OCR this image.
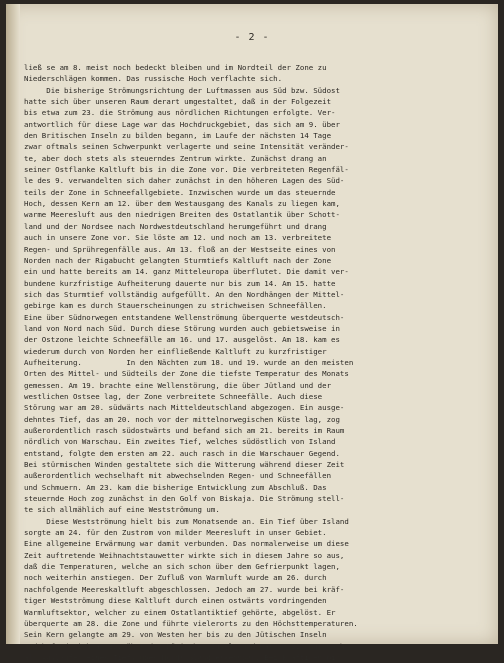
- 2 -
ließ se am 8. meist noch bedeckt bleiben und im Nordteil der Zone zu
Niederschlägen kommen. Das russische Hoch verflachte sich.
Die bisherige Strömungsrichtung der Luftmassen aus Süd bzw. Südost
hatte sich über unseren Raum derart umgestaltet, daß in der Folgezeit
bis etwa zum 23. die Strömung aus nördlichen Richtungen erfolgte. Ver-
antwortlich für diese Lage war das Hochdruckgebiet, das sich am 9. über
den Britischen Inseln zu bilden begann, im Laufe der nächsten 14 Tage
zwar oftmals seinen Schwerpunkt verlagerte und seine Intensität veränder-
te, aber doch stets als steuerndes Zentrum wirkte. Zunächst drang an
seiner Ostflanke Kaltluft bis in die Zone vor. Die verbreiteten Regenfäl-
le des 9. verwandelten sich daher zunächst in den höheren Lagen des Süd-
teils der Zone in Schneefallgebiete. Inzwischen wurde um das steuernde
Hoch, dessen Kern am 12. über dem Westausgang des Kanals zu liegen kam,
warme Meeresluft aus den niedrigen Breiten des Ostatlantik über Schott-
land und der Nordsee nach Nordwestdeutschland herumgeführt und drang
auch in unsere Zone vor. Sie löste am 12. und noch am 13. verbreitete
Regen- und Sprühregenfälle aus. Am 13. floß an der Westseite eines von
Norden nach der Rigabucht gelangten Sturmtiefs Kaltluft nach der Zone
ein und hatte bereits am 14. ganz Mitteleuropa überflutet. Die damit ver-
bundene kurzfristige Aufheiterung dauerte nur bis zum 14. Am 15. hatte
sich das Sturmtief vollständig aufgefüllt. An den Nordhängen der Mittel-
gebirge kam es durch Stauerscheinungen zu strichweisen Schneefällen.
Eine über Südnorwegen entstandene Wellenströmung überquerte westdeutsch-
land von Nord nach Süd. Durch diese Störung wurden auch gebietsweise in
der Ostzone leichte Schneefälle am 16. und 17. ausgelöst. Am 18. kam es
wiederum durch von Norden her einfließende Kaltluft zu kurzfristiger
Aufheiterung.          In den Nächten zum 18. und 19. wurde an den meisten
Orten des Mittel- und Südteils der Zone die tiefste Temperatur des Monats
gemessen. Am 19. brachte eine Wellenstörung, die über Jütland und der
westlichen Ostsee lag, der Zone verbreitete Schneefälle. Auch diese
Störung war am 20. südwärts nach Mitteldeutschland abgezogen. Ein ausge-
dehntes Tief, das am 20. noch vor der mittelnorwegischen Küste lag, zog
außerordentlich rasch südostwärts und befand sich am 21. bereits im Raum
nördlich von Warschau. Ein zweites Tief, welches südöstlich von Island
entstand, folgte dem ersten am 22. auch rasch in die Warschauer Gegend.
Bei stürmischen Winden gestaltete sich die Witterung während dieser Zeit
außerordentlich wechselhaft mit abwechselnden Regen- und Schneefällen
und Schmuern. Am 23. kam die bisherige Entwicklung zum Abschluß. Das
steuernde Hoch zog zunächst in den Golf von Biskaja. Die Strömung stell-
te sich allmählich auf eine Westströmung um.
Diese Westströmung hielt bis zum Monatsende an. Ein Tief über Island
sorgte am 24. für den Zustrom von milder Meeresluft in unser Gebiet.
Eine allgemeine Erwärmung war damit verbunden. Das normalerweise um diese
Zeit auftretende Weihnachtstauwetter wirkte sich in diesem Jahre so aus,
daß die Temperaturen, welche an sich schon über dem Gefrierpunkt lagen,
noch weiterhin anstiegen. Der Zufluß von Warmluft wurde am 26. durch
nachfolgende Meereskaltluft abgeschlossen. Jedoch am 27. wurde bei kräf-
tiger Westströmung diese Kaltluft durch einen ostwärts vordringenden
Warmluftsektor, welcher zu einem Ostatlantiktief gehörte, abgelöst. Er
überquerte am 28. die Zone und führte vielerorts zu den Höchsttemperaturen.
Sein Kern gelangte am 29. von Westen her bis zu den Jütischen Inseln
und befand sich am 30. über den Dänischen Inseln und war am 31. nur noch
als Ausläufer eines Tiefs über Nordrußland erkennbar. Bei kräftigen bis
